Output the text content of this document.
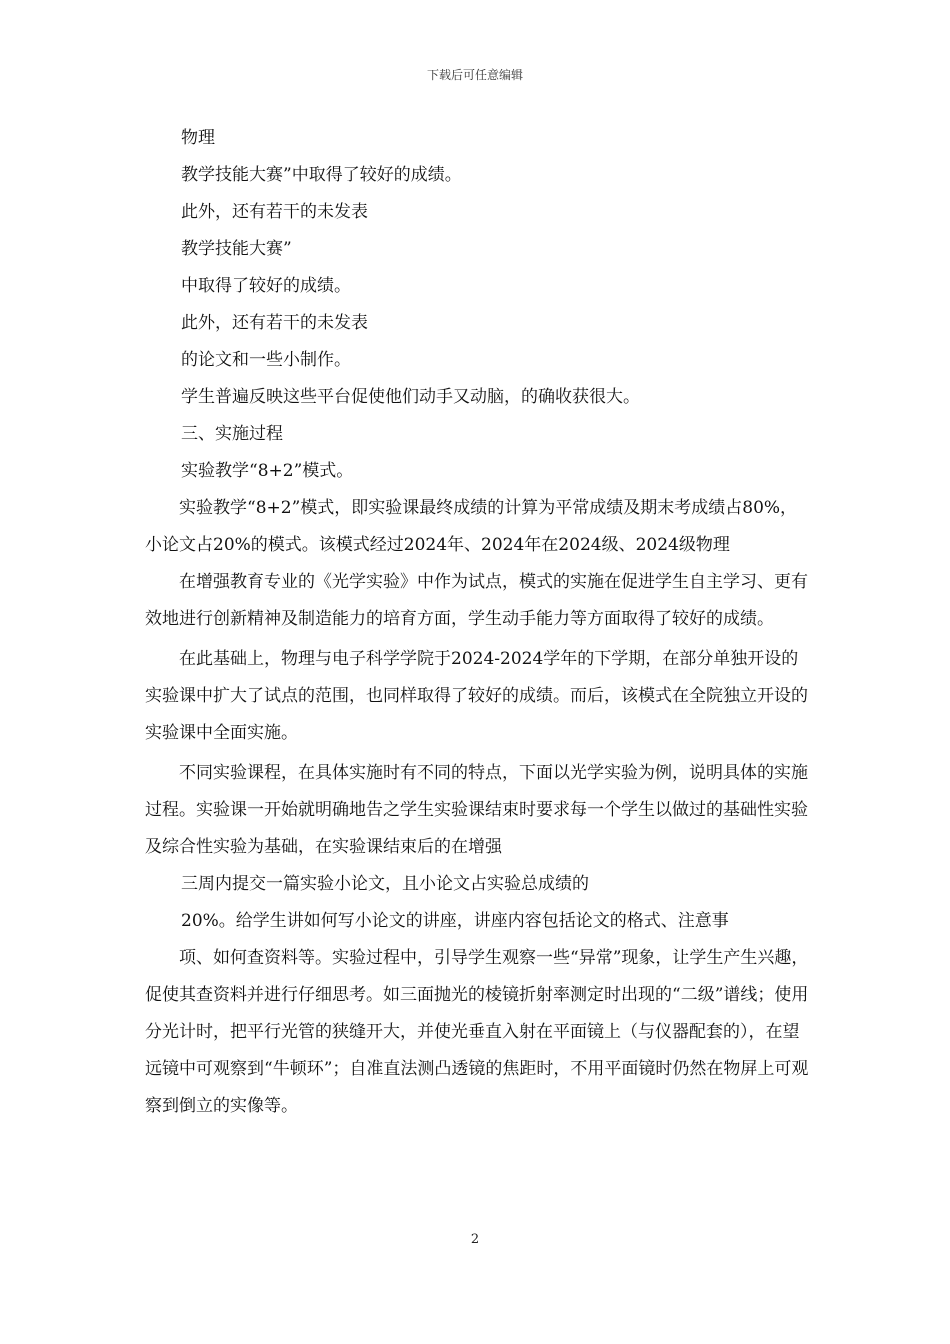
下载后可任意编辑

物理

教学技能大赛”中取得了较好的成绩。

此外，还有若干的未发表

教学技能大赛”

中取得了较好的成绩。

此外，还有若干的未发表

的论文和一些小制作。

学生普遍反映这些平台促使他们动手又动脑，的确收获很大。

三、实施过程

实验教学“8+2”模式。

实验教学“8+2”模式，即实验课最终成绩的计算为平常成绩及期末考成绩占80%，小论文占20%的模式。该模式经过2024年、2024年在2024级、2024级物理

在增强教育专业的《光学实验》中作为试点，模式的实施在促进学生自主学习、更有效地进行创新精神及制造能力的培育方面，学生动手能力等方面取得了较好的成绩。

在此基础上，物理与电子科学学院于2024-2024学年的下学期，在部分单独开设的实验课中扩大了试点的范围，也同样取得了较好的成绩。而后，该模式在全院独立开设的实验课中全面实施。

不同实验课程，在具体实施时有不同的特点，下面以光学实验为例，说明具体的实施过程。实验课一开始就明确地告之学生实验课结束时要求每一个学生以做过的基础性实验及综合性实验为基础，在实验课结束后的在增强

三周内提交一篇实验小论文，且小论文占实验总成绩的

20%。给学生讲如何写小论文的讲座，讲座内容包括论文的格式、注意事

项、如何查资料等。实验过程中，引导学生观察一些“异常”现象，让学生产生兴趣，促使其查资料并进行仔细思考。如三面抛光的棱镜折射率测定时出现的“二级”谱线；使用分光计时，把平行光管的狭缝开大，并使光垂直入射在平面镜上（与仪器配套的），在望远镜中可观察到“牛顿环”；自准直法测凸透镜的焦距时，不用平面镜时仍然在物屏上可观察到倒立的实像等。

2
